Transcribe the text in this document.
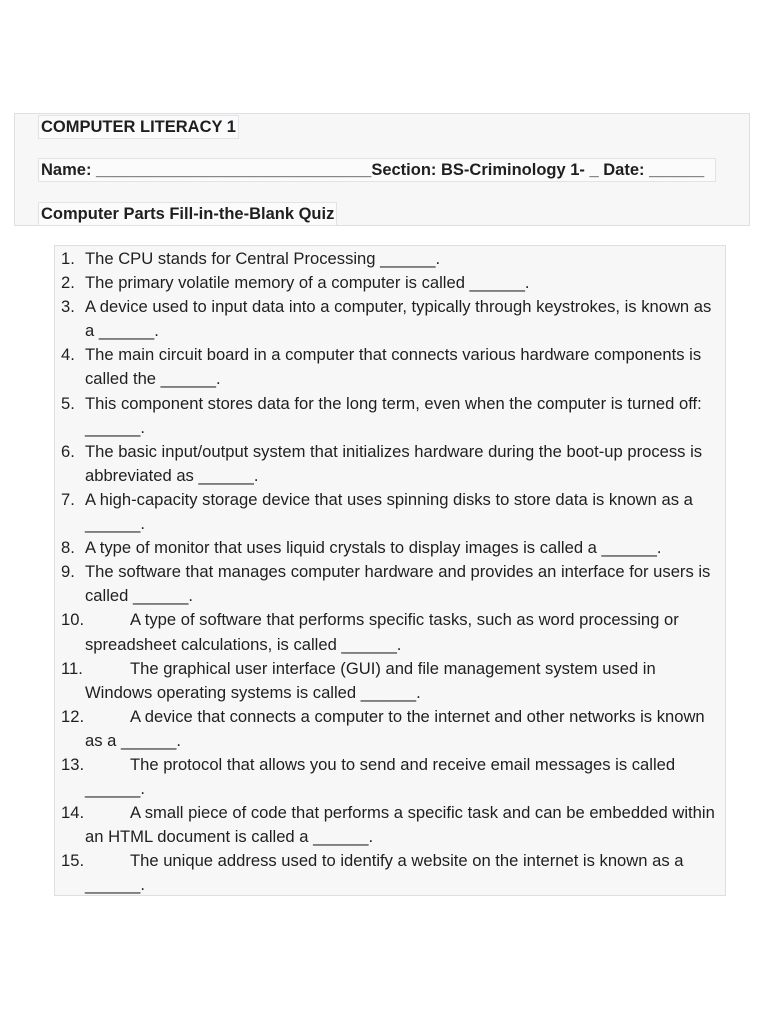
COMPUTER LITERACY 1
Name: ______________________________Section: BS-Criminology 1- _ Date: ______
Computer Parts Fill-in-the-Blank Quiz
1. The CPU stands for Central Processing ______.
2. The primary volatile memory of a computer is called ______.
3. A device used to input data into a computer, typically through keystrokes, is known as a ______.
4. The main circuit board in a computer that connects various hardware components is called the ______.
5. This component stores data for the long term, even when the computer is turned off: ______.
6. The basic input/output system that initializes hardware during the boot-up process is abbreviated as ______.
7. A high-capacity storage device that uses spinning disks to store data is known as a ______.
8. A type of monitor that uses liquid crystals to display images is called a ______.
9. The software that manages computer hardware and provides an interface for users is called ______.
10.	A type of software that performs specific tasks, such as word processing or spreadsheet calculations, is called ______.
11.	The graphical user interface (GUI) and file management system used in Windows operating systems is called ______.
12.	A device that connects a computer to the internet and other networks is known as a ______.
13.	The protocol that allows you to send and receive email messages is called ______.
14.	A small piece of code that performs a specific task and can be embedded within an HTML document is called a ______.
15.	The unique address used to identify a website on the internet is known as a ______.
